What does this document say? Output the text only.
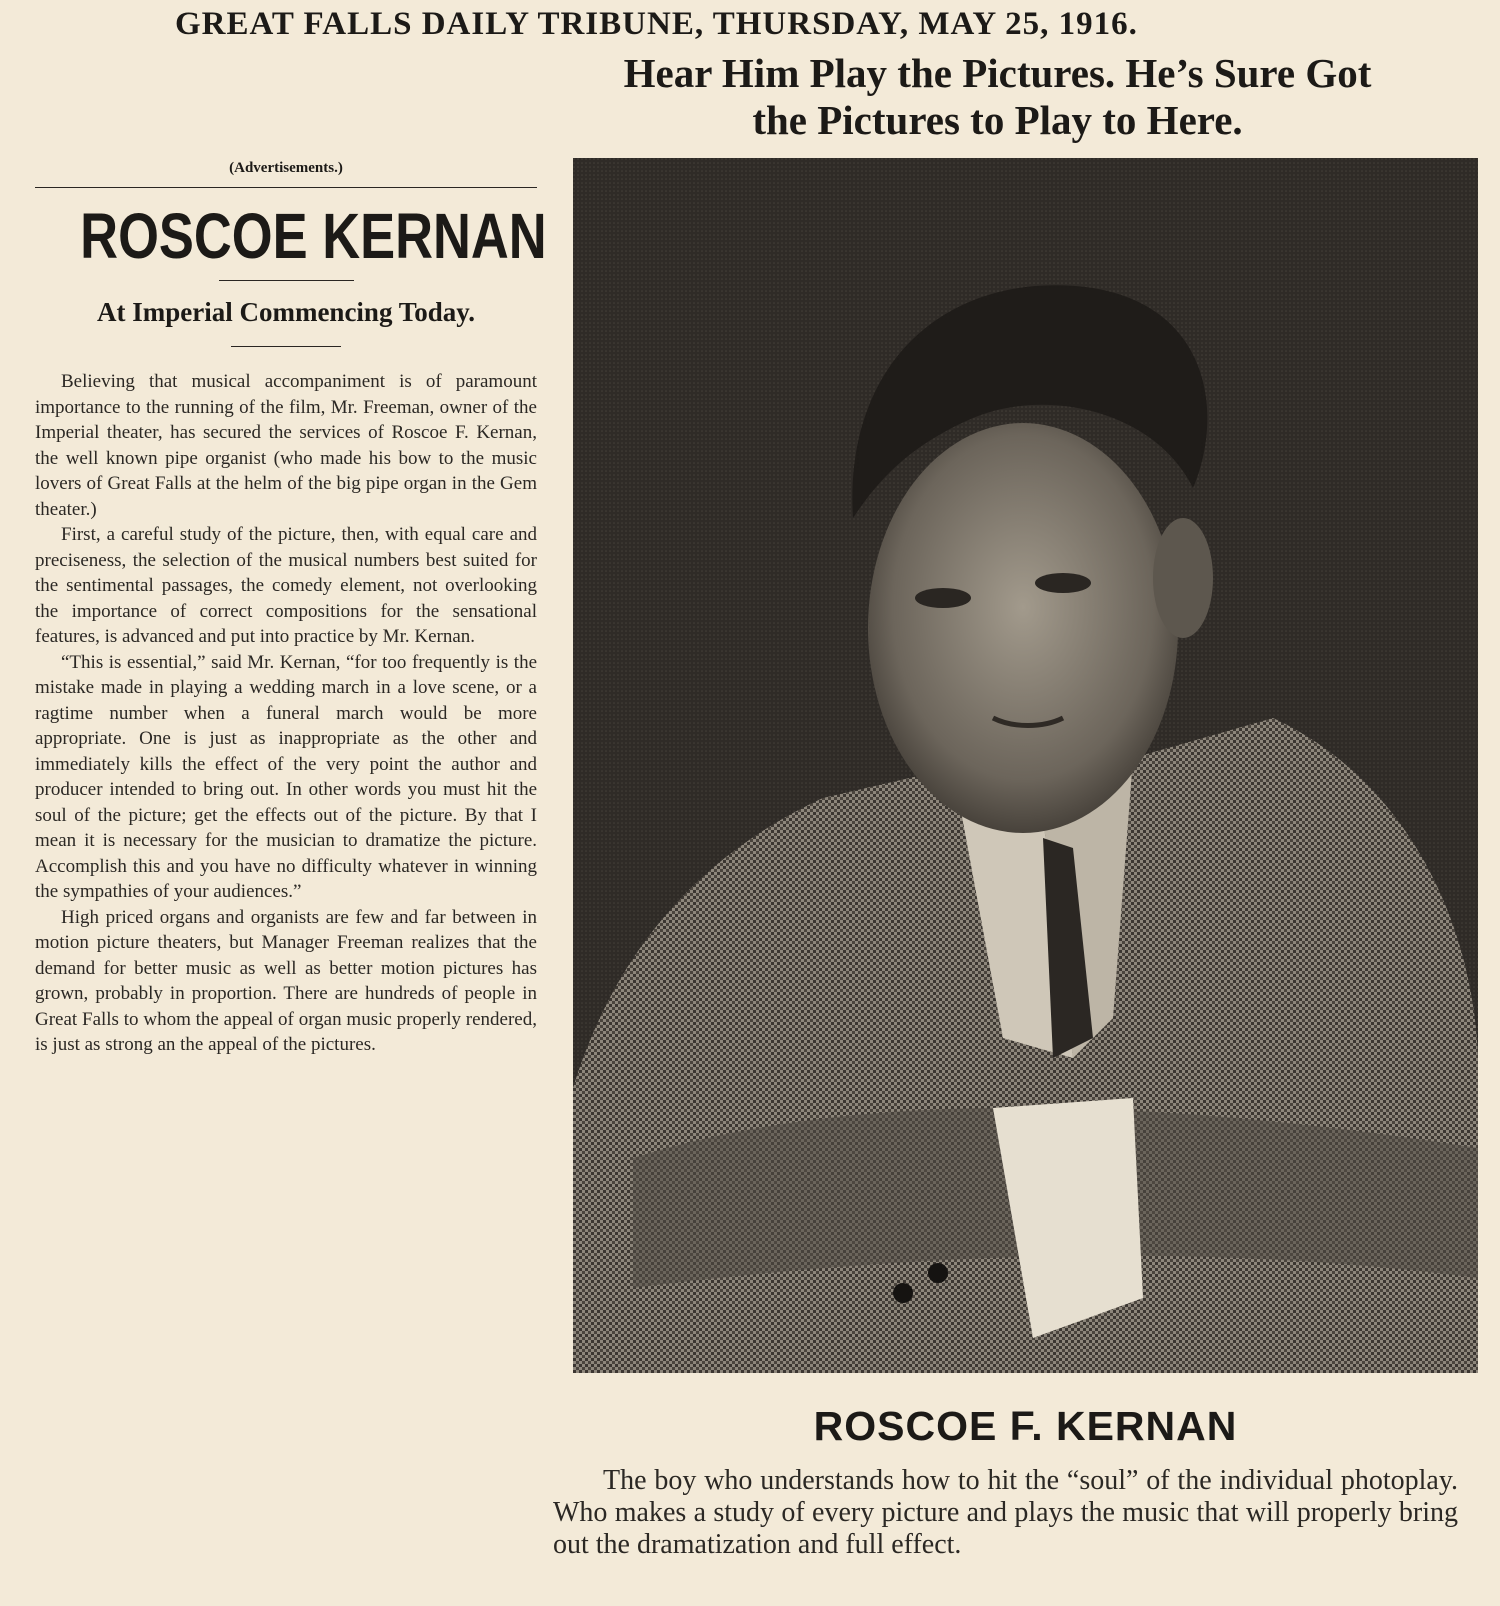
GREAT FALLS DAILY TRIBUNE, THURSDAY, MAY 25, 1916.
Hear Him Play the Pictures. He’s Sure Got
the Pictures to Play to Here.
(Advertisements.)
ROSCOE KERNAN
At Imperial Commencing Today.

Believing that musical accompaniment is of paramount importance to the running of the film, Mr. Freeman, owner of the Imperial theater, has secured the services of Roscoe F. Kernan, the well known pipe organist (who made his bow to the music lovers of Great Falls at the helm of the big pipe organ in the Gem theater.)

First, a careful study of the picture, then, with equal care and preciseness, the selection of the musical numbers best suited for the sentimental passages, the comedy element, not overlooking the importance of correct compositions for the sensational features, is advanced and put into practice by Mr. Kernan.

“This is essential,” said Mr. Kernan, “for too frequently is the mistake made in playing a wedding march in a love scene, or a ragtime number when a funeral march would be more appropriate. One is just as inappropriate as the other and immediately kills the effect of the very point the author and producer intended to bring out. In other words you must hit the soul of the picture; get the effects out of the picture. By that I mean it is necessary for the musician to dramatize the picture. Accomplish this and you have no difficulty whatever in winning the sympathies of your audiences.”

High priced organs and organists are few and far between in motion picture theaters, but Manager Freeman realizes that the demand for better music as well as better motion pictures has grown, probably in proportion. There are hundreds of people in Great Falls to whom the appeal of organ music properly rendered, is just as strong an the appeal of the pictures.

ROSCOE F. KERNAN
The boy who understands how to hit the “soul” of the individual photoplay. Who makes a study of every picture and plays the music that will properly bring out the dramatization and full effect.
